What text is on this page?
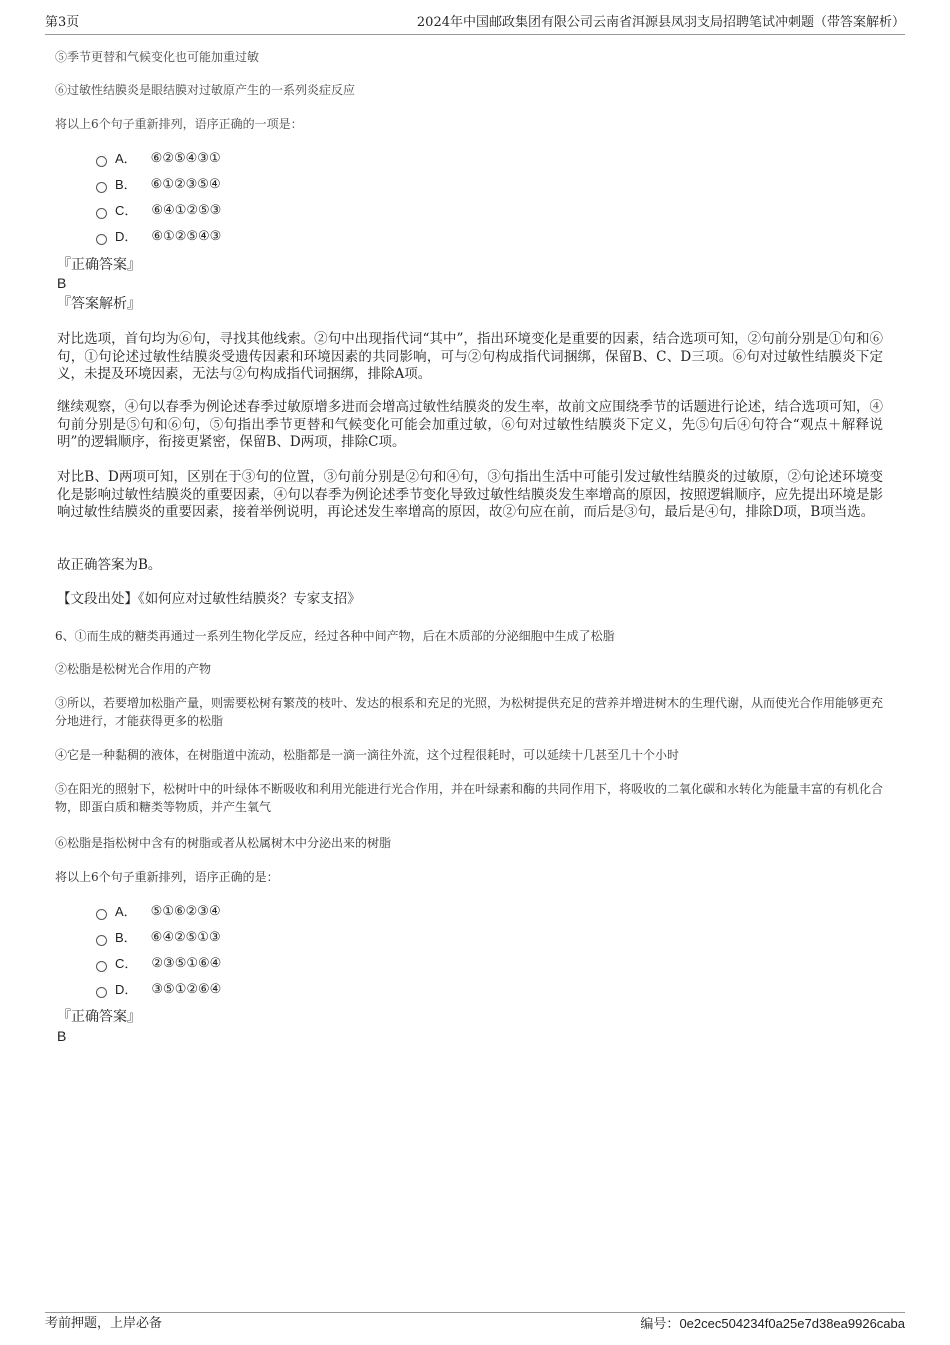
第3页	2024年中国邮政集团有限公司云南省洱源县凤羽支局招聘笔试冲刺题（带答案解析）
⑤季节更替和气候变化也可能加重过敏
⑥过敏性结膜炎是眼结膜对过敏原产生的一系列炎症反应
将以上6个句子重新排列，语序正确的一项是：
A． ⑥②⑤④③①
B． ⑥①②③⑤④
C． ⑥④①②⑤③
D． ⑥①②⑤④③
『正确答案』
B
『答案解析』
对比选项，首句均为⑥句，寻找其他线索。②句中出现指代词“其中”，指出环境变化是重要的因素，结合选项可知，②句前分别是①句和⑥句，①句论述过敏性结膜炎受遗传因素和环境因素的共同影响，可与②句构成指代词捆绑，保留B、C、D三项。⑥句对过敏性结膜炎下定义，未提及环境因素，无法与②句构成指代词捆绑，排除A项。
继续观察，④句以春季为例论述春季过敏原增多进而会增高过敏性结膜炎的发生率，故前文应围绕季节的话题进行论述，结合选项可知，④句前分别是⑤句和⑥句，⑤句指出季节更替和气候变化可能会加重过敏，⑥句对过敏性结膜炎下定义，先⑤句后④句符合“观点＋解释说明”的逻辑顺序，衔接更紧密，保留B、D两项，排除C项。
对比B、D两项可知，区别在于③句的位置，③句前分别是②句和④句，③句指出生活中可能引发过敏性结膜炎的过敏原，②句论述环境变化是影响过敏性结膜炎的重要因素，④句以春季为例论述季节变化导致过敏性结膜炎发生率增高的原因，按照逻辑顺序，应先提出环境是影响过敏性结膜炎的重要因素，接着举例说明，再论述发生率增高的原因，故②句应在前，而后是③句，最后是④句，排除D项，B项当选。
故正确答案为B。
【文段出处】《如何应对过敏性结膜炎？专家支招》
6、①而生成的糖类再通过一系列生物化学反应，经过各种中间产物，后在木质部的分泌细胞中生成了松脂
②松脂是松树光合作用的产物
③所以，若要增加松脂产量，则需要松树有繁茂的枝叶、发达的根系和充足的光照，为松树提供充足的营养并增进树木的生理代谢，从而使光合作用能够更充分地进行，才能获得更多的松脂
④它是一种黏稠的液体，在树脂道中流动，松脂都是一滴一滴往外流，这个过程很耗时，可以延续十几甚至几十个小时
⑤在阳光的照射下，松树叶中的叶绿体不断吸收和利用光能进行光合作用，并在叶绿素和酶的共同作用下，将吸收的二氧化碳和水转化为能量丰富的有机化合物，即蛋白质和糖类等物质，并产生氧气
⑥松脂是指松树中含有的树脂或者从松属树木中分泌出来的树脂
将以上6个句子重新排列，语序正确的是：
A． ⑤①⑥②③④
B． ⑥④②⑤①③
C． ②③⑤①⑥④
D． ③⑤①②⑥④
『正确答案』
B
考前押题，上岸必备	编号：0e2cec504234f0a25e7d38ea9926caba
